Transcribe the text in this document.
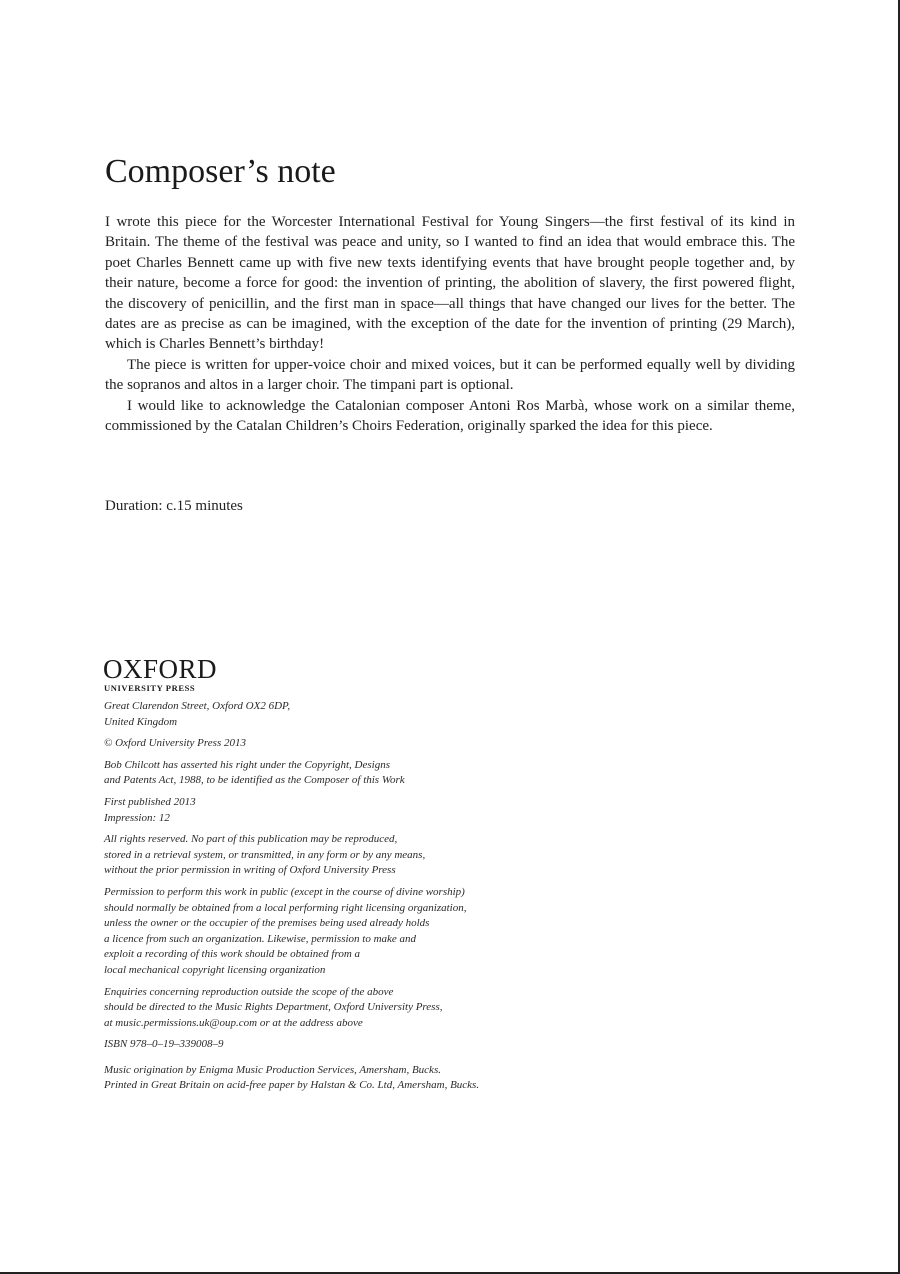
Composer’s note

I wrote this piece for the Worcester International Festival for Young Singers—the first festival of its kind in Britain. The theme of the festival was peace and unity, so I wanted to find an idea that would embrace this. The poet Charles Bennett came up with five new texts identifying events that have brought people together and, by their nature, become a force for good: the invention of printing, the abolition of slavery, the first powered flight, the discovery of penicillin, and the first man in space—all things that have changed our lives for the better. The dates are as precise as can be imagined, with the exception of the date for the invention of printing (29 March), which is Charles Bennett’s birthday!

The piece is written for upper-voice choir and mixed voices, but it can be performed equally well by dividing the sopranos and altos in a larger choir. The timpani part is optional.

I would like to acknowledge the Catalonian composer Antoni Ros Marbà, whose work on a similar theme, commissioned by the Catalan Children’s Choirs Federation, originally sparked the idea for this piece.

Duration: c.15 minutes
OXFORD
UNIVERSITY PRESS
Great Clarendon Street, Oxford OX2 6DP,
United Kingdom
© Oxford University Press 2013
Bob Chilcott has asserted his right under the Copyright, Designs
and Patents Act, 1988, to be identified as the Composer of this Work
First published 2013
Impression: 12
All rights reserved. No part of this publication may be reproduced,
stored in a retrieval system, or transmitted, in any form or by any means,
without the prior permission in writing of Oxford University Press
Permission to perform this work in public (except in the course of divine worship)
should normally be obtained from a local performing right licensing organization,
unless the owner or the occupier of the premises being used already holds
a licence from such an organization. Likewise, permission to make and
exploit a recording of this work should be obtained from a
local mechanical copyright licensing organization
Enquiries concerning reproduction outside the scope of the above
should be directed to the Music Rights Department, Oxford University Press,
at music.permissions.uk@oup.com or at the address above
ISBN 978–0–19–339008–9
Music origination by Enigma Music Production Services, Amersham, Bucks.
Printed in Great Britain on acid-free paper by Halstan & Co. Ltd, Amersham, Bucks.
